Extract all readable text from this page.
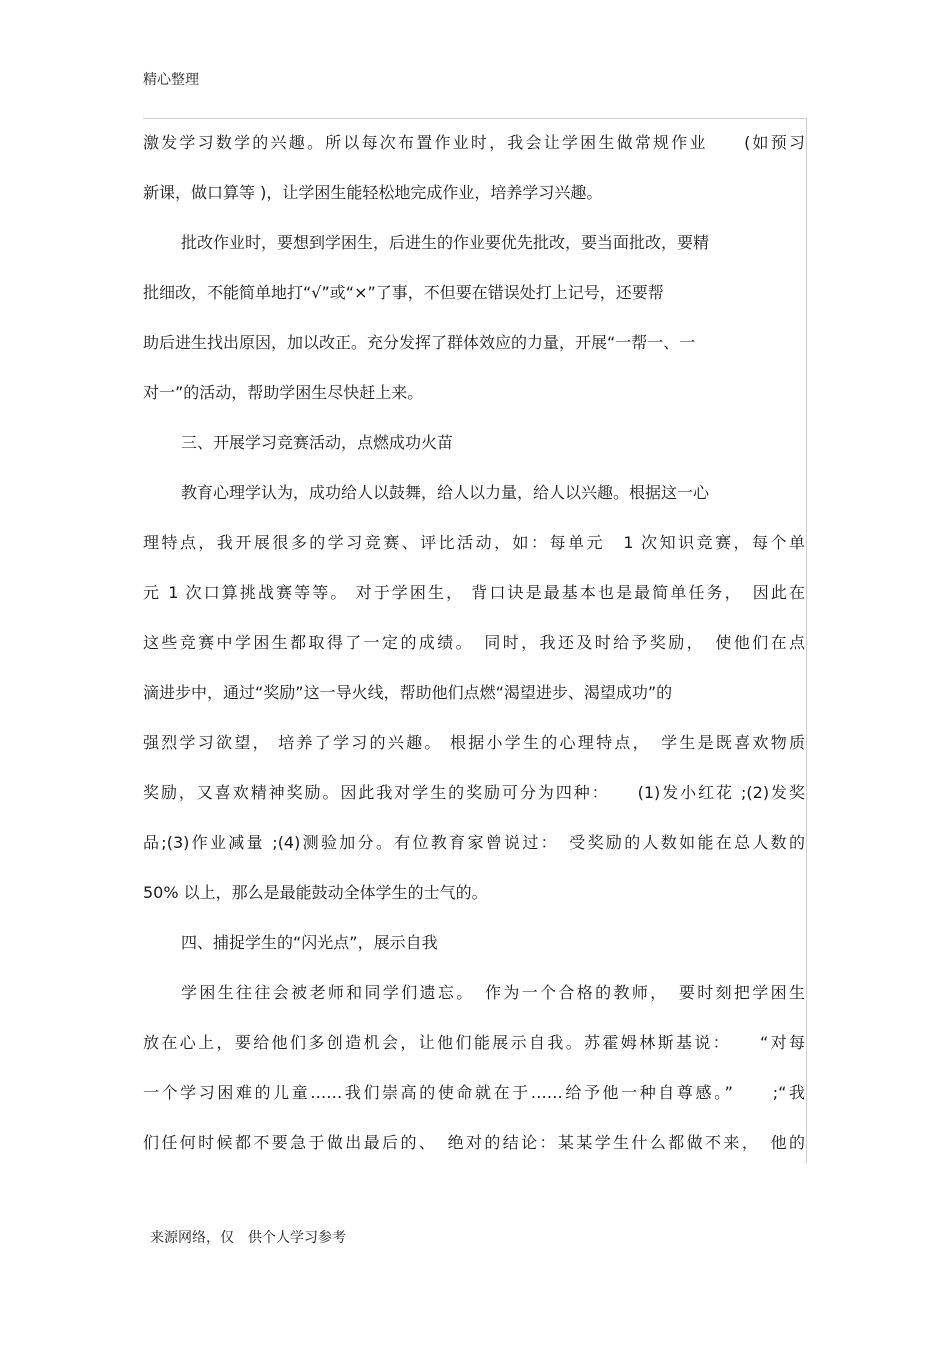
精心整理
激发学习数学的兴趣。所以每次布置作业时，我会让学困生做常规作业　　(如预习
新课，做口算等 )，让学困生能轻松地完成作业，培养学习兴趣。
批改作业时，要想到学困生，后进生的作业要优先批改，要当面批改，要精
批细改，不能简单地打“√”或“×”了事，不但要在错误处打上记号，还要帮
助后进生找出原因，加以改正。充分发挥了群体效应的力量，开展“一帮一、一
对一”的活动，帮助学困生尽快赶上来。
三、开展学习竞赛活动，点燃成功火苗
教育心理学认为，成功给人以鼓舞，给人以力量，给人以兴趣。根据这一心
理特点，我开展很多的学习竞赛、评比活动，如：每单元　1 次知识竞赛，每个单
元 1 次口算挑战赛等等。 对于学困生， 背口诀是最基本也是最简单任务，　因此在
这些竞赛中学困生都取得了一定的成绩。　同时，我还及时给予奖励，　使他们在点
滴进步中，通过“奖励”这一导火线，帮助他们点燃“渴望进步、渴望成功”的
强烈学习欲望， 培养了学习的兴趣。 根据小学生的心理特点，　学生是既喜欢物质
奖励，又喜欢精神奖励。因此我对学生的奖励可分为四种：　　(1)发小红花 ;(2)发奖
品;(3)作业减量 ;(4)测验加分。有位教育家曾说过：　受奖励的人数如能在总人数的
50% 以上，那么是最能鼓动全体学生的士气的。
四、捕捉学生的“闪光点”，展示自我
学困生往往会被老师和同学们遗忘。　作为一个合格的教师，　要时刻把学困生
放在心上，要给他们多创造机会，让他们能展示自我。苏霍姆林斯基说：　　“对每
一个学习困难的儿童……我们崇高的使命就在于……给予他一种自尊感。”　　;“我
们任何时候都不要急于做出最后的、　绝对的结论：某某学生什么都做不来，　他的
来源网络，仅　供个人学习参考
